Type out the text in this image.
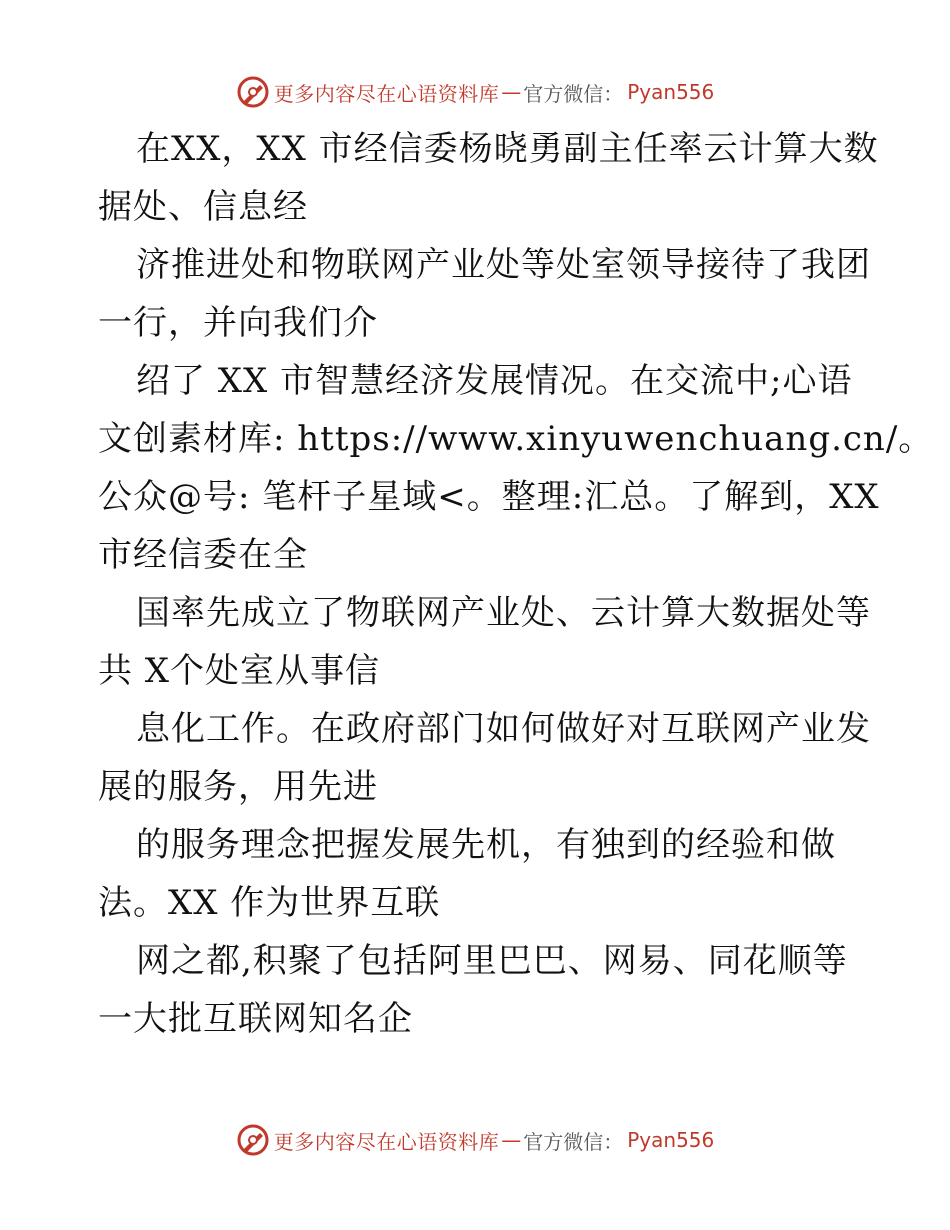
更多内容尽在心语资料库 — 官方微信： Pyan556
在XX，XX 市经信委杨晓勇副主任率云计算大数
据处、信息经
济推进处和物联网产业处等处室领导接待了我团
一行，并向我们介
绍了 XX 市智慧经济发展情况。在交流中;心语
文创素材库: https://www.xinyuwenchuang.cn/。
公众@号: 笔杆子星域<。整理:汇总。了解到，XX
市经信委在全
国率先成立了物联网产业处、云计算大数据处等
共 X个处室从事信
息化工作。在政府部门如何做好对互联网产业发
展的服务，用先进
的服务理念把握发展先机，有独到的经验和做
法。XX 作为世界互联
网之都,积聚了包括阿里巴巴、网易、同花顺等
一大批互联网知名企
更多内容尽在心语资料库 — 官方微信： Pyan556
